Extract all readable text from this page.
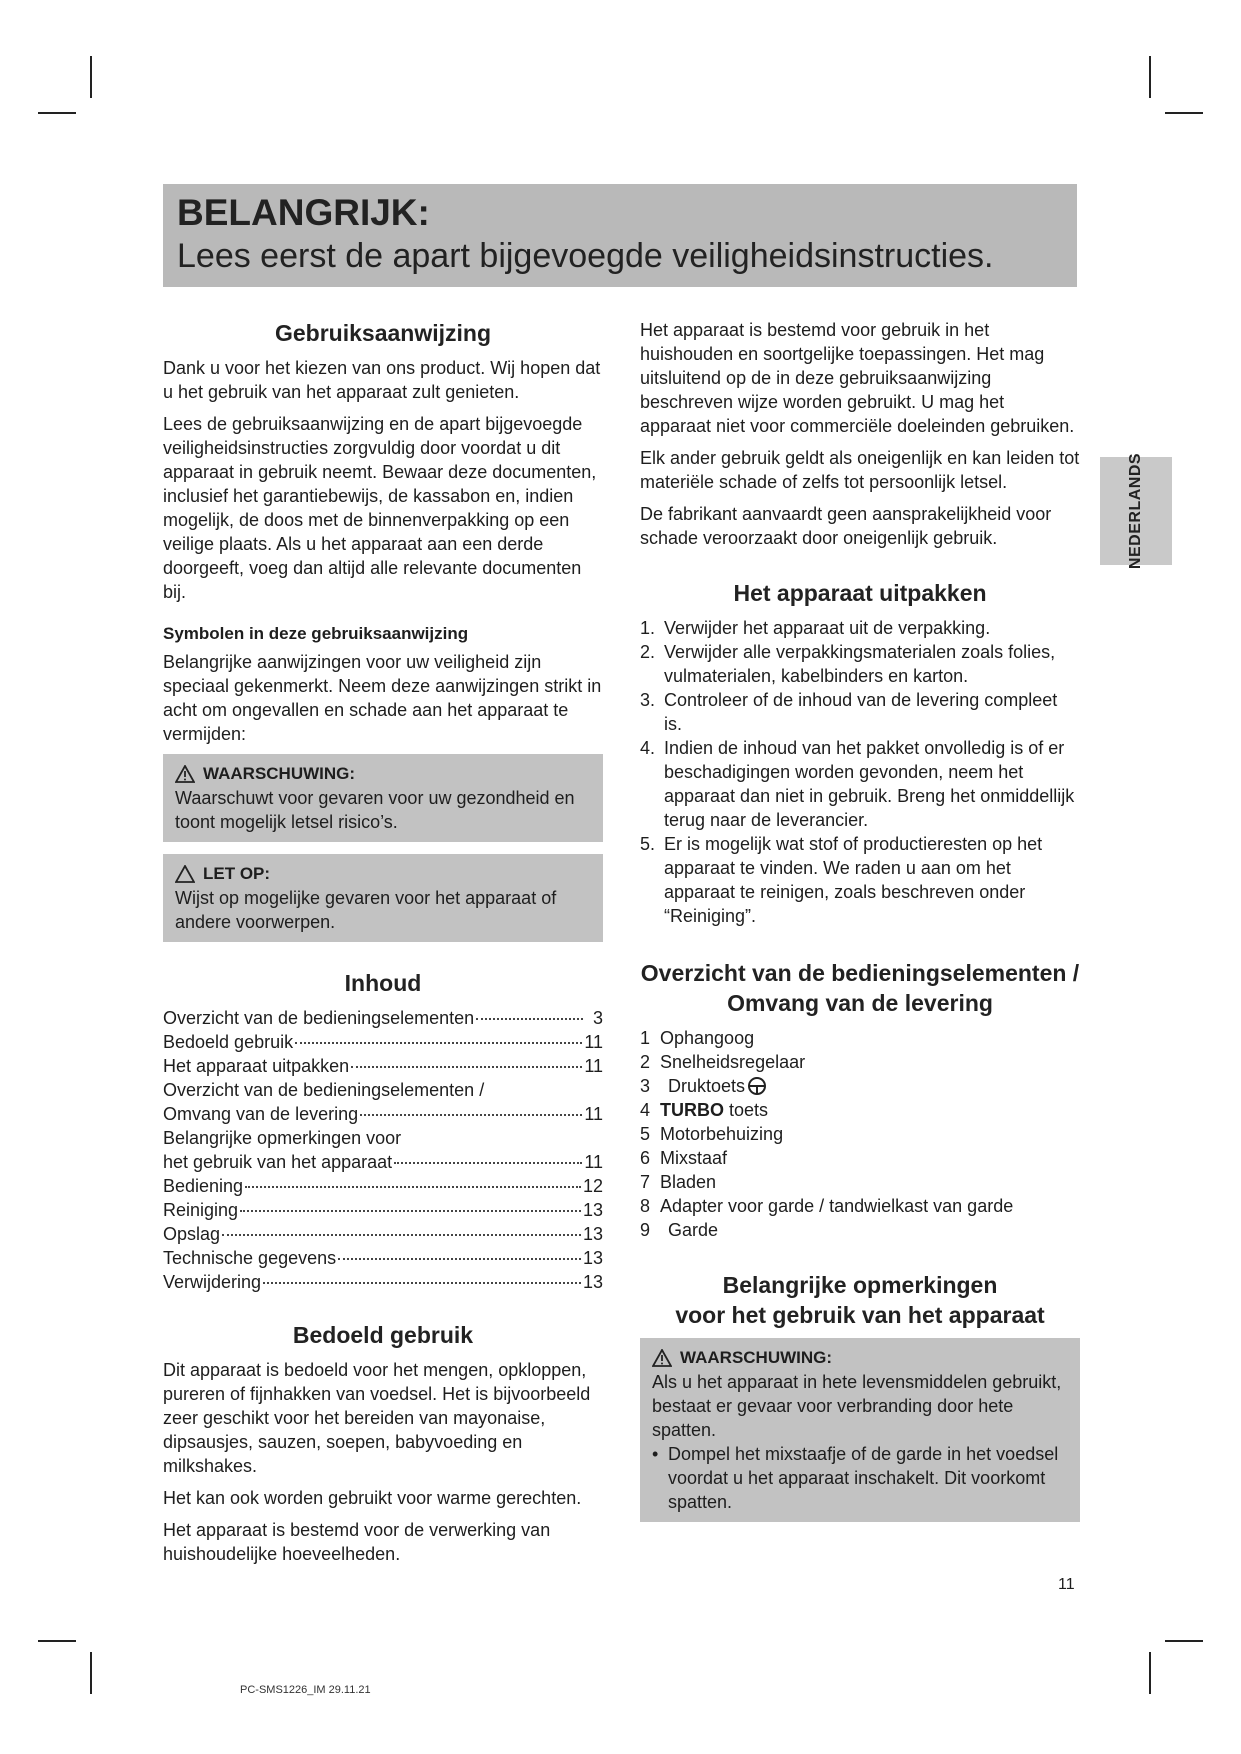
BELANGRIJK:
Lees eerst de apart bijgevoegde veiligheidsinstructies.
NEDERLANDS
Gebruiksaanwijzing

Dank u voor het kiezen van ons product. Wij hopen dat u het gebruik van het apparaat zult genieten.

Lees de gebruiksaanwijzing en de apart bijgevoegde veiligheidsinstructies zorgvuldig door voordat u dit apparaat in gebruik neemt. Bewaar deze documenten, inclusief het garantiebewijs, de kassabon en, indien mogelijk, de doos met de binnenverpakking op een veilige plaats. Als u het apparaat aan een derde doorgeeft, voeg dan altijd alle relevante documenten bij.

Symbolen in deze gebruiksaanwijzing

Belangrijke aanwijzingen voor uw veiligheid zijn speciaal gekenmerkt. Neem deze aanwijzingen strikt in acht om ongevallen en schade aan het apparaat te vermijden:

WAARSCHUWING:
Waarschuwt voor gevaren voor uw gezondheid en toont mogelijk letsel risico’s.
LET OP:
Wijst op mogelijke gevaren voor het apparaat of andere voorwerpen.
Inhoud
Overzicht van de bedieningselementen	3
Bedoeld gebruik	11
Het apparaat uitpakken	11
Overzicht van de bedieningselementen /
Omvang van de levering	11
Belangrijke opmerkingen voor
het gebruik van het apparaat	11
Bediening	12
Reiniging	13
Opslag	13
Technische gegevens	13
Verwijdering	13
Bedoeld gebruik

Dit apparaat is bedoeld voor het mengen, opkloppen, pureren of fijnhakken van voedsel. Het is bijvoorbeeld zeer geschikt voor het bereiden van mayonaise, dipsausjes, sauzen, soepen, babyvoeding en milkshakes.

Het kan ook worden gebruikt voor warme gerechten.

Het apparaat is bestemd voor de verwerking van huishoudelijke hoeveelheden.

Het apparaat is bestemd voor gebruik in het huishouden en soortgelijke toepassingen. Het mag uitsluitend op de in deze gebruiksaanwijzing beschreven wijze worden gebruikt. U mag het apparaat niet voor commerciële doeleinden gebruiken.

Elk ander gebruik geldt als oneigenlijk en kan leiden tot materiële schade of zelfs tot persoonlijk letsel.

De fabrikant aanvaardt geen aansprakelijkheid voor schade veroorzaakt door oneigenlijk gebruik.

Het apparaat uitpakken
1. Verwijder het apparaat uit de verpakking.
2. Verwijder alle verpakkingsmaterialen zoals folies, vulmaterialen, kabelbinders en karton.
3. Controleer of de inhoud van de levering compleet is.
4. Indien de inhoud van het pakket onvolledig is of er beschadigingen worden gevonden, neem het apparaat dan niet in gebruik. Breng het onmiddellijk terug naar de leverancier.
5. Er is mogelijk wat stof of productieresten op het apparaat te vinden. We raden u aan om het apparaat te reinigen, zoals beschreven onder “Reiniging”.
Overzicht van de bedieningselementen /
Omvang van de levering
1 Ophangoog
2 Snelheidsregelaar
3 Druktoets
4 TURBO toets
5 Motorbehuizing
6 Mixstaaf
7 Bladen
8 Adapter voor garde / tandwielkast van garde
9 Garde
Belangrijke opmerkingen
voor het gebruik van het apparaat
WAARSCHUWING:
Als u het apparaat in hete levensmiddelen gebruikt, bestaat er gevaar voor verbranding door hete spatten.
• Dompel het mixstaafje of de garde in het voedsel voordat u het apparaat inschakelt. Dit voorkomt spatten.
11
PC-SMS1226_IM 29.11.21
